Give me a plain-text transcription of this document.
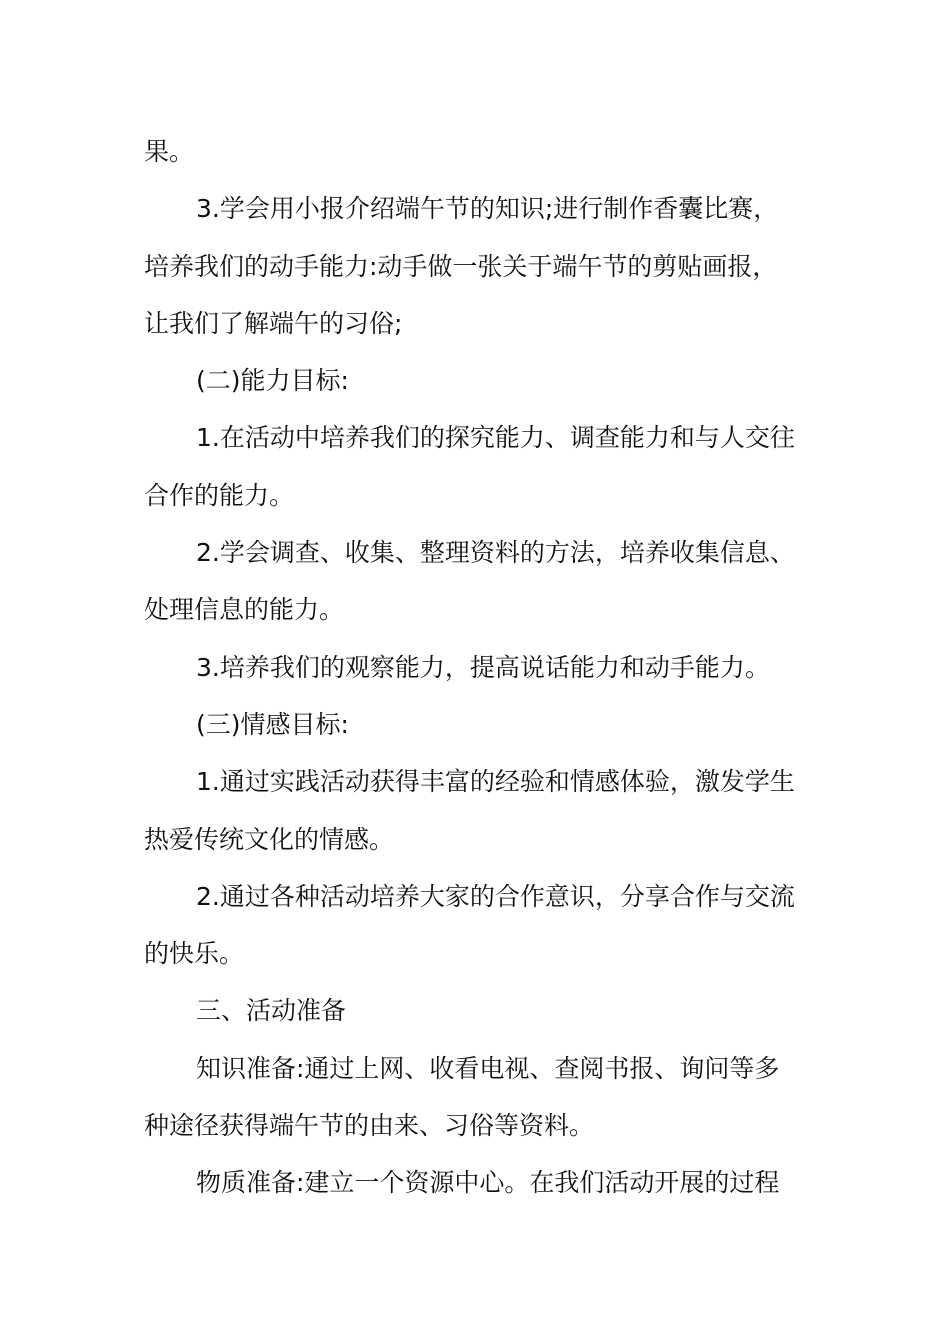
果。
3.学会用小报介绍端午节的知识;进行制作香囊比赛，
培养我们的动手能力:动手做一张关于端午节的剪贴画报，
让我们了解端午的习俗;
(二)能力目标:
1.在活动中培养我们的探究能力、调查能力和与人交往
合作的能力。
2.学会调查、收集、整理资料的方法，培养收集信息、
处理信息的能力。
3.培养我们的观察能力，提高说话能力和动手能力。
(三)情感目标:
1.通过实践活动获得丰富的经验和情感体验，激发学生
热爱传统文化的情感。
2.通过各种活动培养大家的合作意识，分享合作与交流
的快乐。
三、活动准备
知识准备:通过上网、收看电视、查阅书报、询问等多
种途径获得端午节的由来、习俗等资料。
物质准备:建立一个资源中心。在我们活动开展的过程
